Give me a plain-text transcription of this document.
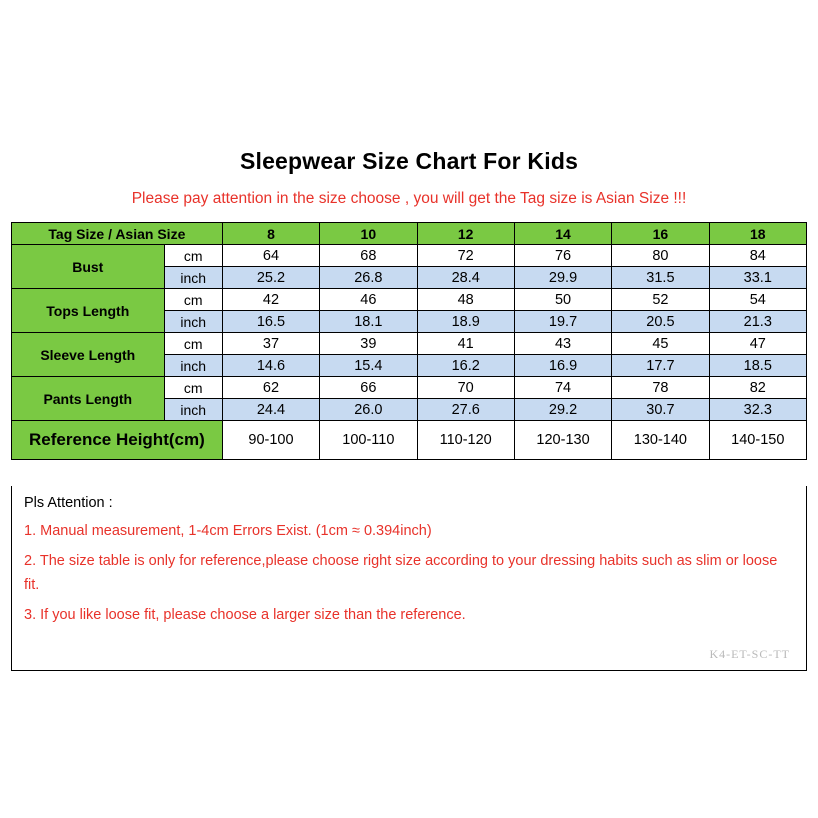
Sleepwear Size Chart For Kids
Please pay attention in the size choose , you will get the Tag size is Asian Size !!!
Tag Size / Asian Size		8	10	12	14	16	18
Bust	cm	64	68	72	76	80	84
	inch	25.2	26.8	28.4	29.9	31.5	33.1
Tops Length	cm	42	46	48	50	52	54
	inch	16.5	18.1	18.9	19.7	20.5	21.3
Sleeve Length	cm	37	39	41	43	45	47
	inch	14.6	15.4	16.2	16.9	17.7	18.5
Pants Length	cm	62	66	70	74	78	82
	inch	24.4	26.0	27.6	29.2	30.7	32.3
Reference Height(cm)		90-100	100-110	110-120	120-130	130-140	140-150
Pls Attention :
1. Manual measurement, 1-4cm Errors Exist. (1cm ≈ 0.394inch)
2. The size table is only for reference,please choose right size according to your dressing habits such as slim or loose fit.
3. If you like loose fit, please choose a larger size than the reference.
K4-ET-SC-TT
